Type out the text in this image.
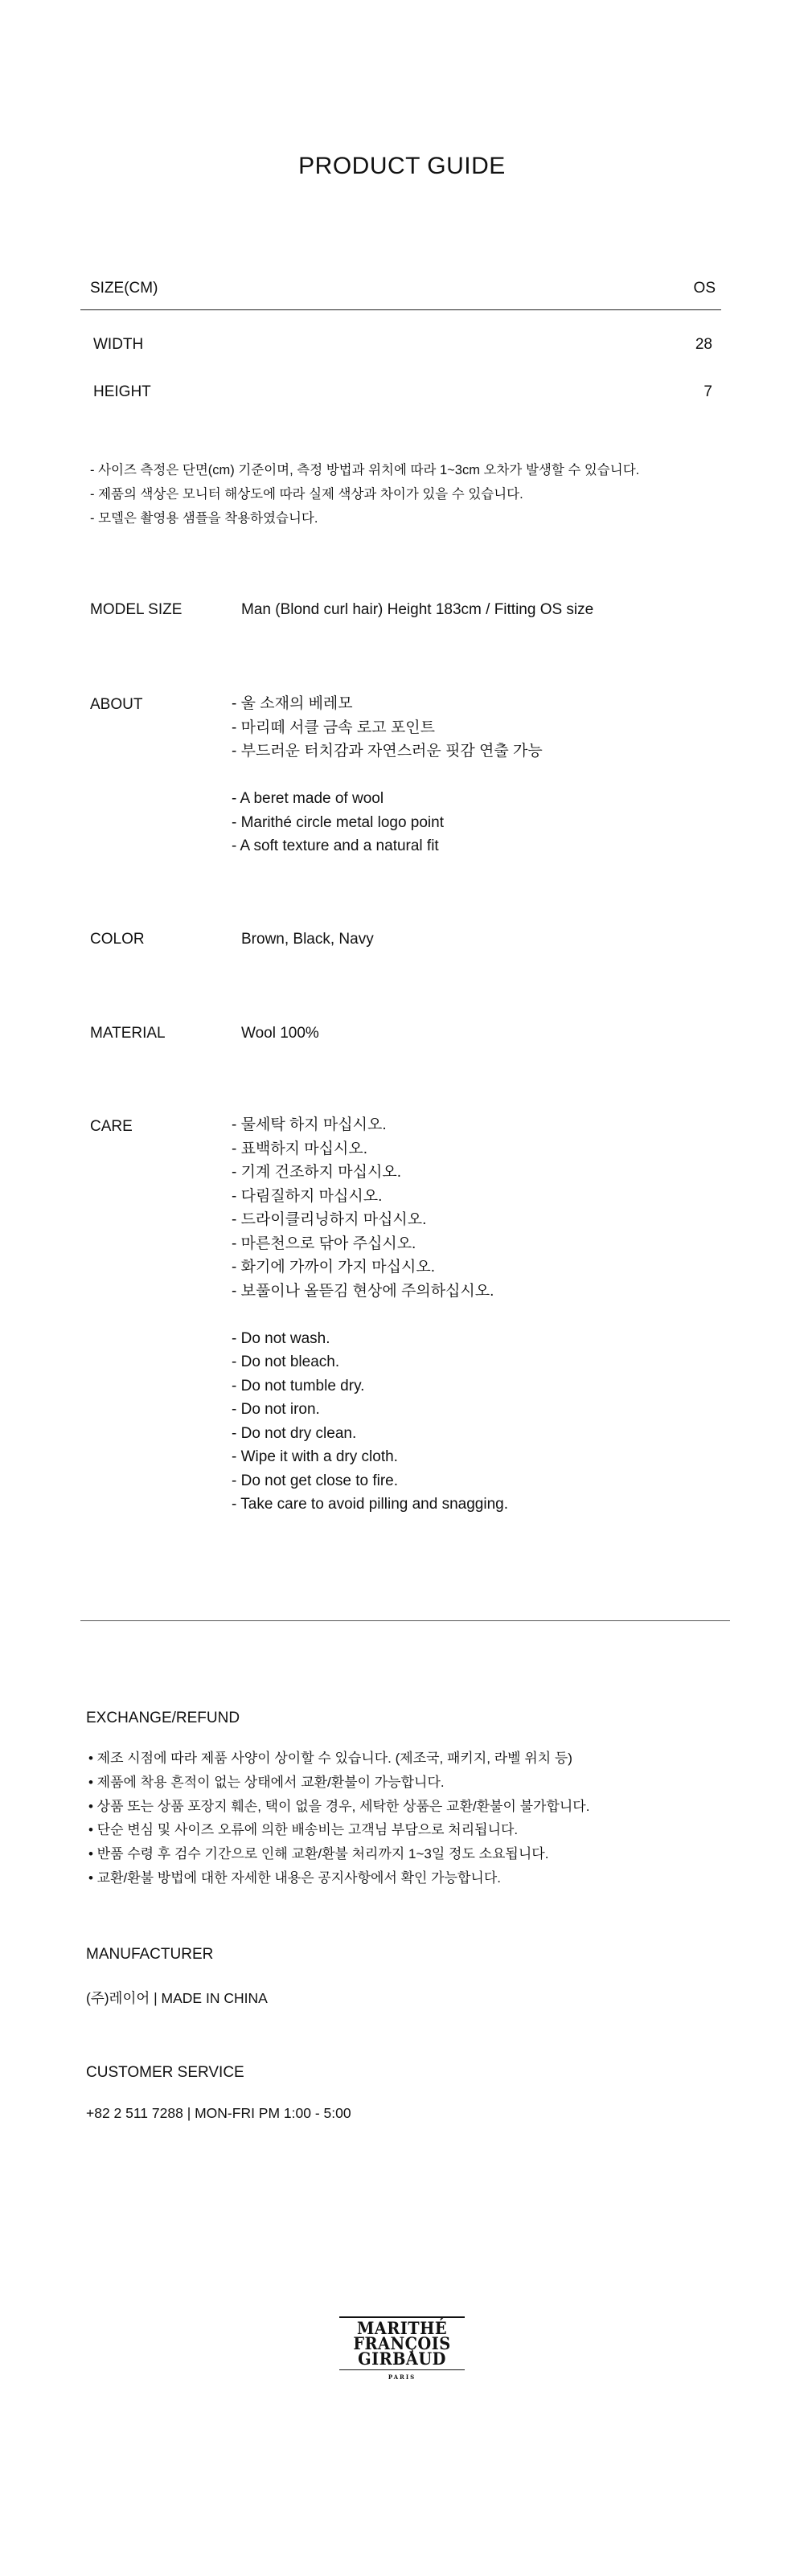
PRODUCT GUIDE
SIZE(CM)	OS
WIDTH	28
HEIGHT	7
- 사이즈 측정은 단면(cm) 기준이며, 측정 방법과 위치에 따라 1~3cm 오차가 발생할 수 있습니다.
- 제품의 색상은 모니터 해상도에 따라 실제 색상과 차이가 있을 수 있습니다.
- 모델은 촬영용 샘플을 착용하였습니다.
MODEL SIZE	Man (Blond curl hair) Height 183cm / Fitting OS size
ABOUT	- 울 소재의 베레모
- 마리떼 서클 금속 로고 포인트
- 부드러운 터치감과 자연스러운 핏감 연출 가능
- A beret made of wool
- Marithé circle metal logo point
- A soft texture and a natural fit
COLOR	Brown, Black, Navy
MATERIAL	Wool 100%
CARE	- 물세탁 하지 마십시오.
- 표백하지 마십시오.
- 기계 건조하지 마십시오.
- 다림질하지 마십시오.
- 드라이클리닝하지 마십시오.
- 마른천으로 닦아 주십시오.
- 화기에 가까이 가지 마십시오.
- 보풀이나 올뜯김 현상에 주의하십시오.
- Do not wash.
- Do not bleach.
- Do not tumble dry.
- Do not iron.
- Do not dry clean.
- Wipe it with a dry cloth.
- Do not get close to fire.
- Take care to avoid pilling and snagging.
EXCHANGE/REFUND
• 제조 시점에 따라 제품 사양이 상이할 수 있습니다. (제조국, 패키지, 라벨 위치 등)
• 제품에 착용 흔적이 없는 상태에서 교환/환불이 가능합니다.
• 상품 또는 상품 포장지 훼손, 택이 없을 경우, 세탁한 상품은 교환/환불이 불가합니다.
• 단순 변심 및 사이즈 오류에 의한 배송비는 고객님 부담으로 처리됩니다.
• 반품 수령 후 검수 기간으로 인해 교환/환불 처리까지 1~3일 정도 소요됩니다.
• 교환/환불 방법에 대한 자세한 내용은 공지사항에서 확인 가능합니다.
MANUFACTURER
(주)레이어 | MADE IN CHINA
CUSTOMER SERVICE
+82 2 511 7288 | MON-FRI PM 1:00 - 5:00
MARITHÉ
FRANÇOIS
GIRBAUD
PARIS
